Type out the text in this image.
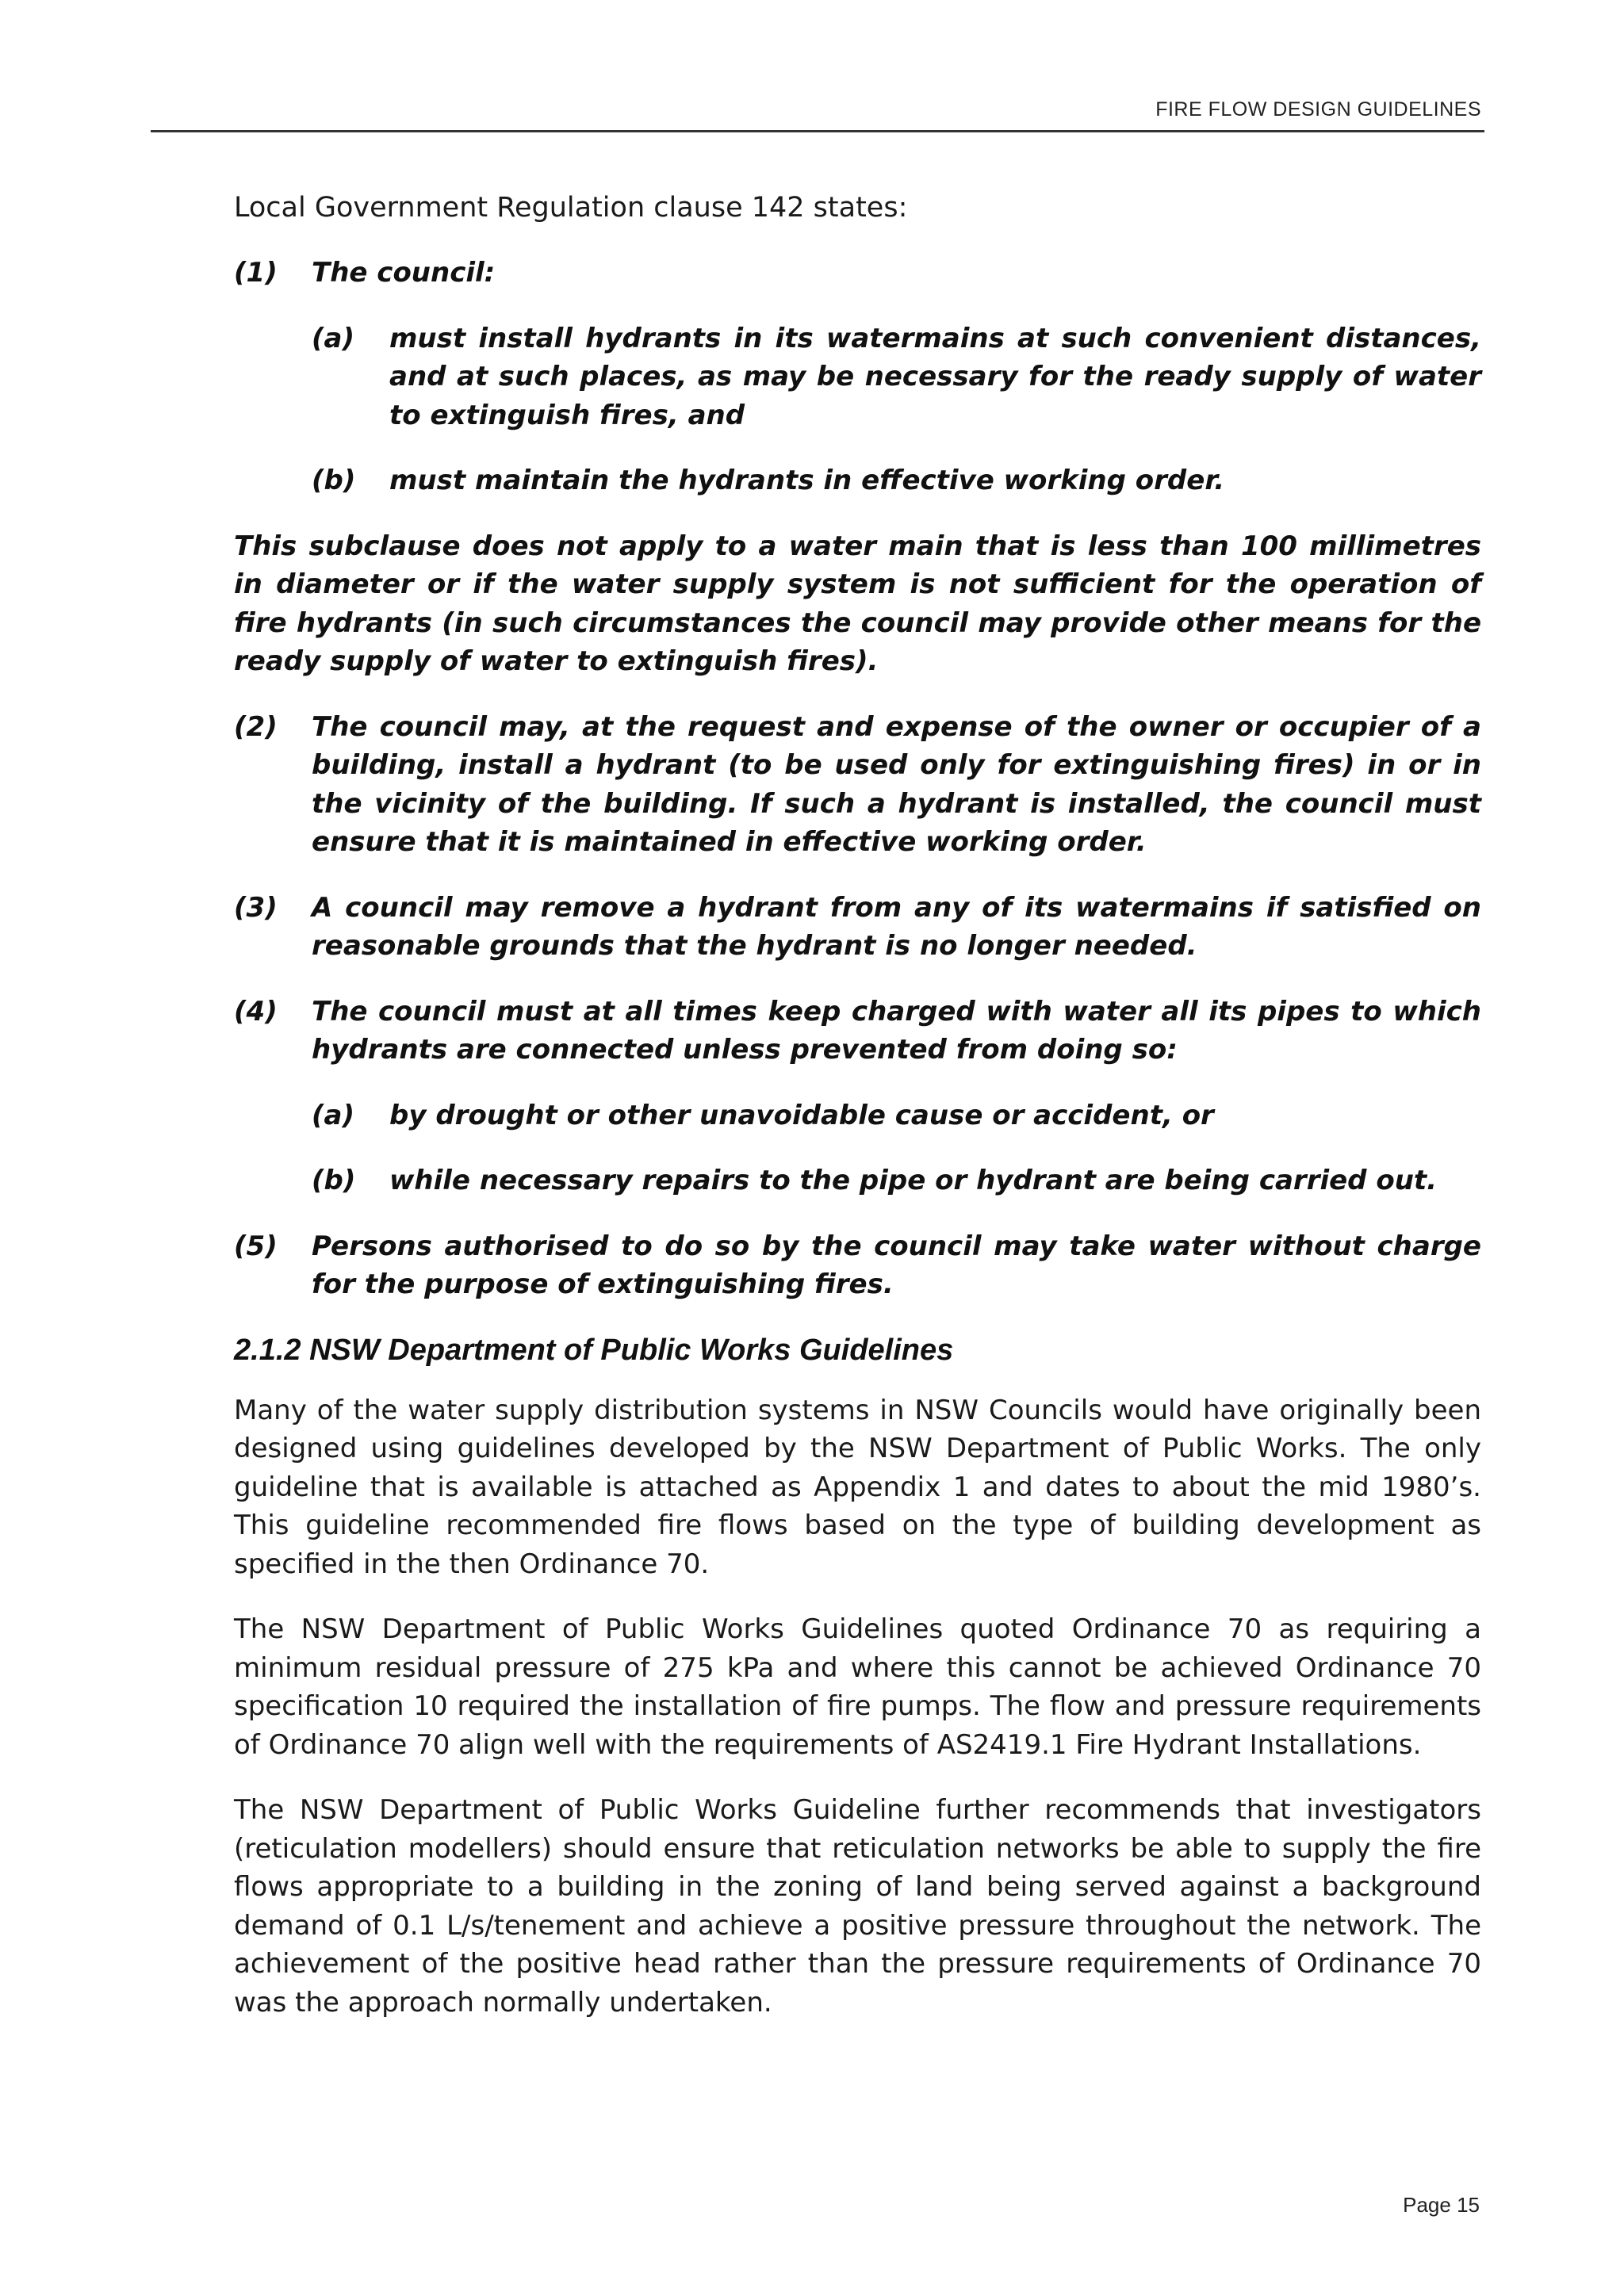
FIRE FLOW DESIGN GUIDELINES

Local Government Regulation clause 142 states:

(1)	The council:
(a)	must install hydrants in its watermains at such convenient distances, and at such places, as may be necessary for the ready supply of water to extinguish fires, and
(b)	must maintain the hydrants in effective working order.

This subclause does not apply to a water main that is less than 100 millimetres in diameter or if the water supply system is not sufficient for the operation of fire hydrants (in such circumstances the council may provide other means for the ready supply of water to extinguish fires).

(2)	The council may, at the request and expense of the owner or occupier of a building, install a hydrant (to be used only for extinguishing fires) in or in the vicinity of the building. If such a hydrant is installed, the council must ensure that it is maintained in effective working order.
(3)	A council may remove a hydrant from any of its watermains if satisfied on reasonable grounds that the hydrant is no longer needed.
(4)	The council must at all times keep charged with water all its pipes to which hydrants are connected unless prevented from doing so:
(a)	by drought or other unavoidable cause or accident, or
(b)	while necessary repairs to the pipe or hydrant are being carried out.
(5)	Persons authorised to do so by the council may take water without charge for the purpose of extinguishing fires.
2.1.2 NSW Department of Public Works Guidelines

Many of the water supply distribution systems in NSW Councils would have originally been designed using guidelines developed by the NSW Department of Public Works. The only guideline that is available is attached as Appendix 1 and dates to about the mid 1980’s. This guideline recommended fire flows based on the type of building development as specified in the then Ordinance 70.

The NSW Department of Public Works Guidelines quoted Ordinance 70 as requiring a minimum residual pressure of 275 kPa and where this cannot be achieved Ordinance 70 specification 10 required the installation of fire pumps. The flow and pressure requirements of Ordinance 70 align well with the requirements of AS2419.1 Fire Hydrant Installations.

The NSW Department of Public Works Guideline further recommends that investigators (reticulation modellers) should ensure that reticulation networks be able to supply the fire flows appropriate to a building in the zoning of land being served against a background demand of 0.1 L/s/tenement and achieve a positive pressure throughout the network. The achievement of the positive head rather than the pressure requirements of Ordinance 70 was the approach normally undertaken.

Page 15
